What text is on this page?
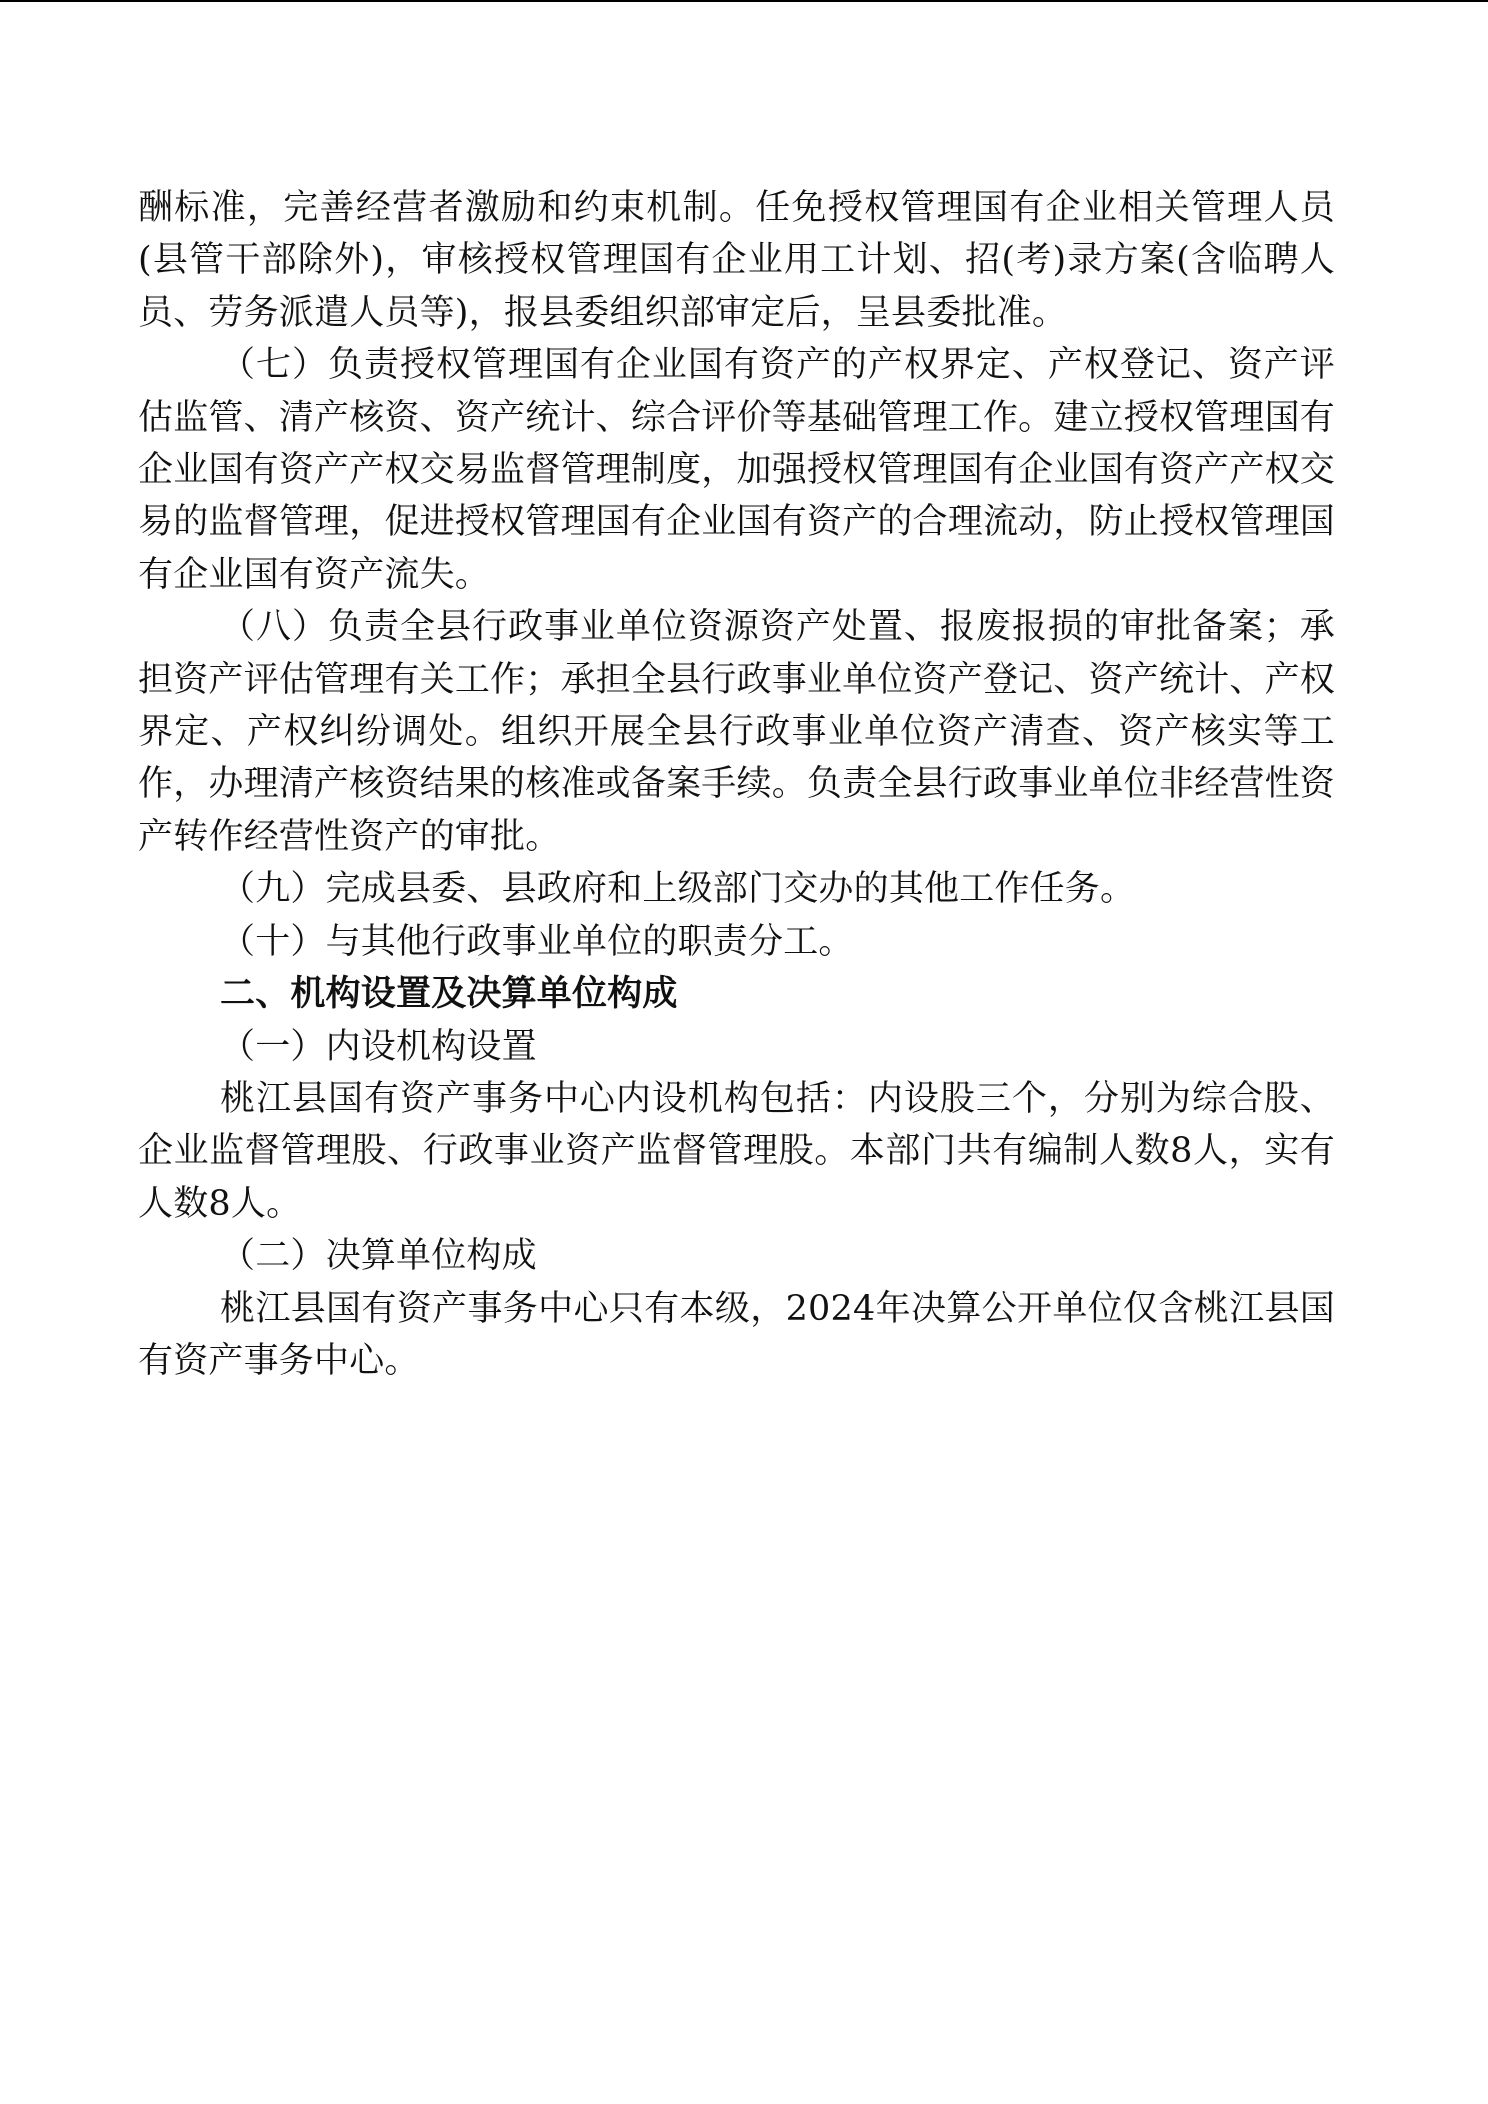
酬标准，完善经营者激励和约束机制。任免授权管理国有企业相关管理人员(县管干部除外)，审核授权管理国有企业用工计划、招(考)录方案(含临聘人员、劳务派遣人员等)，报县委组织部审定后，呈县委批准。

（七）负责授权管理国有企业国有资产的产权界定、产权登记、资产评估监管、清产核资、资产统计、综合评价等基础管理工作。建立授权管理国有企业国有资产产权交易监督管理制度，加强授权管理国有企业国有资产产权交易的监督管理，促进授权管理国有企业国有资产的合理流动，防止授权管理国有企业国有资产流失。

（八）负责全县行政事业单位资源资产处置、报废报损的审批备案；承担资产评估管理有关工作；承担全县行政事业单位资产登记、资产统计、产权界定、产权纠纷调处。组织开展全县行政事业单位资产清查、资产核实等工作，办理清产核资结果的核准或备案手续。负责全县行政事业单位非经营性资产转作经营性资产的审批。

（九）完成县委、县政府和上级部门交办的其他工作任务。

（十）与其他行政事业单位的职责分工。

二、机构设置及决算单位构成

（一）内设机构设置

桃江县国有资产事务中心内设机构包括：内设股三个，分别为综合股、企业监督管理股、行政事业资产监督管理股。本部门共有编制人数8人，实有人数8人。

（二）决算单位构成

桃江县国有资产事务中心只有本级，2024年决算公开单位仅含桃江县国有资产事务中心。
